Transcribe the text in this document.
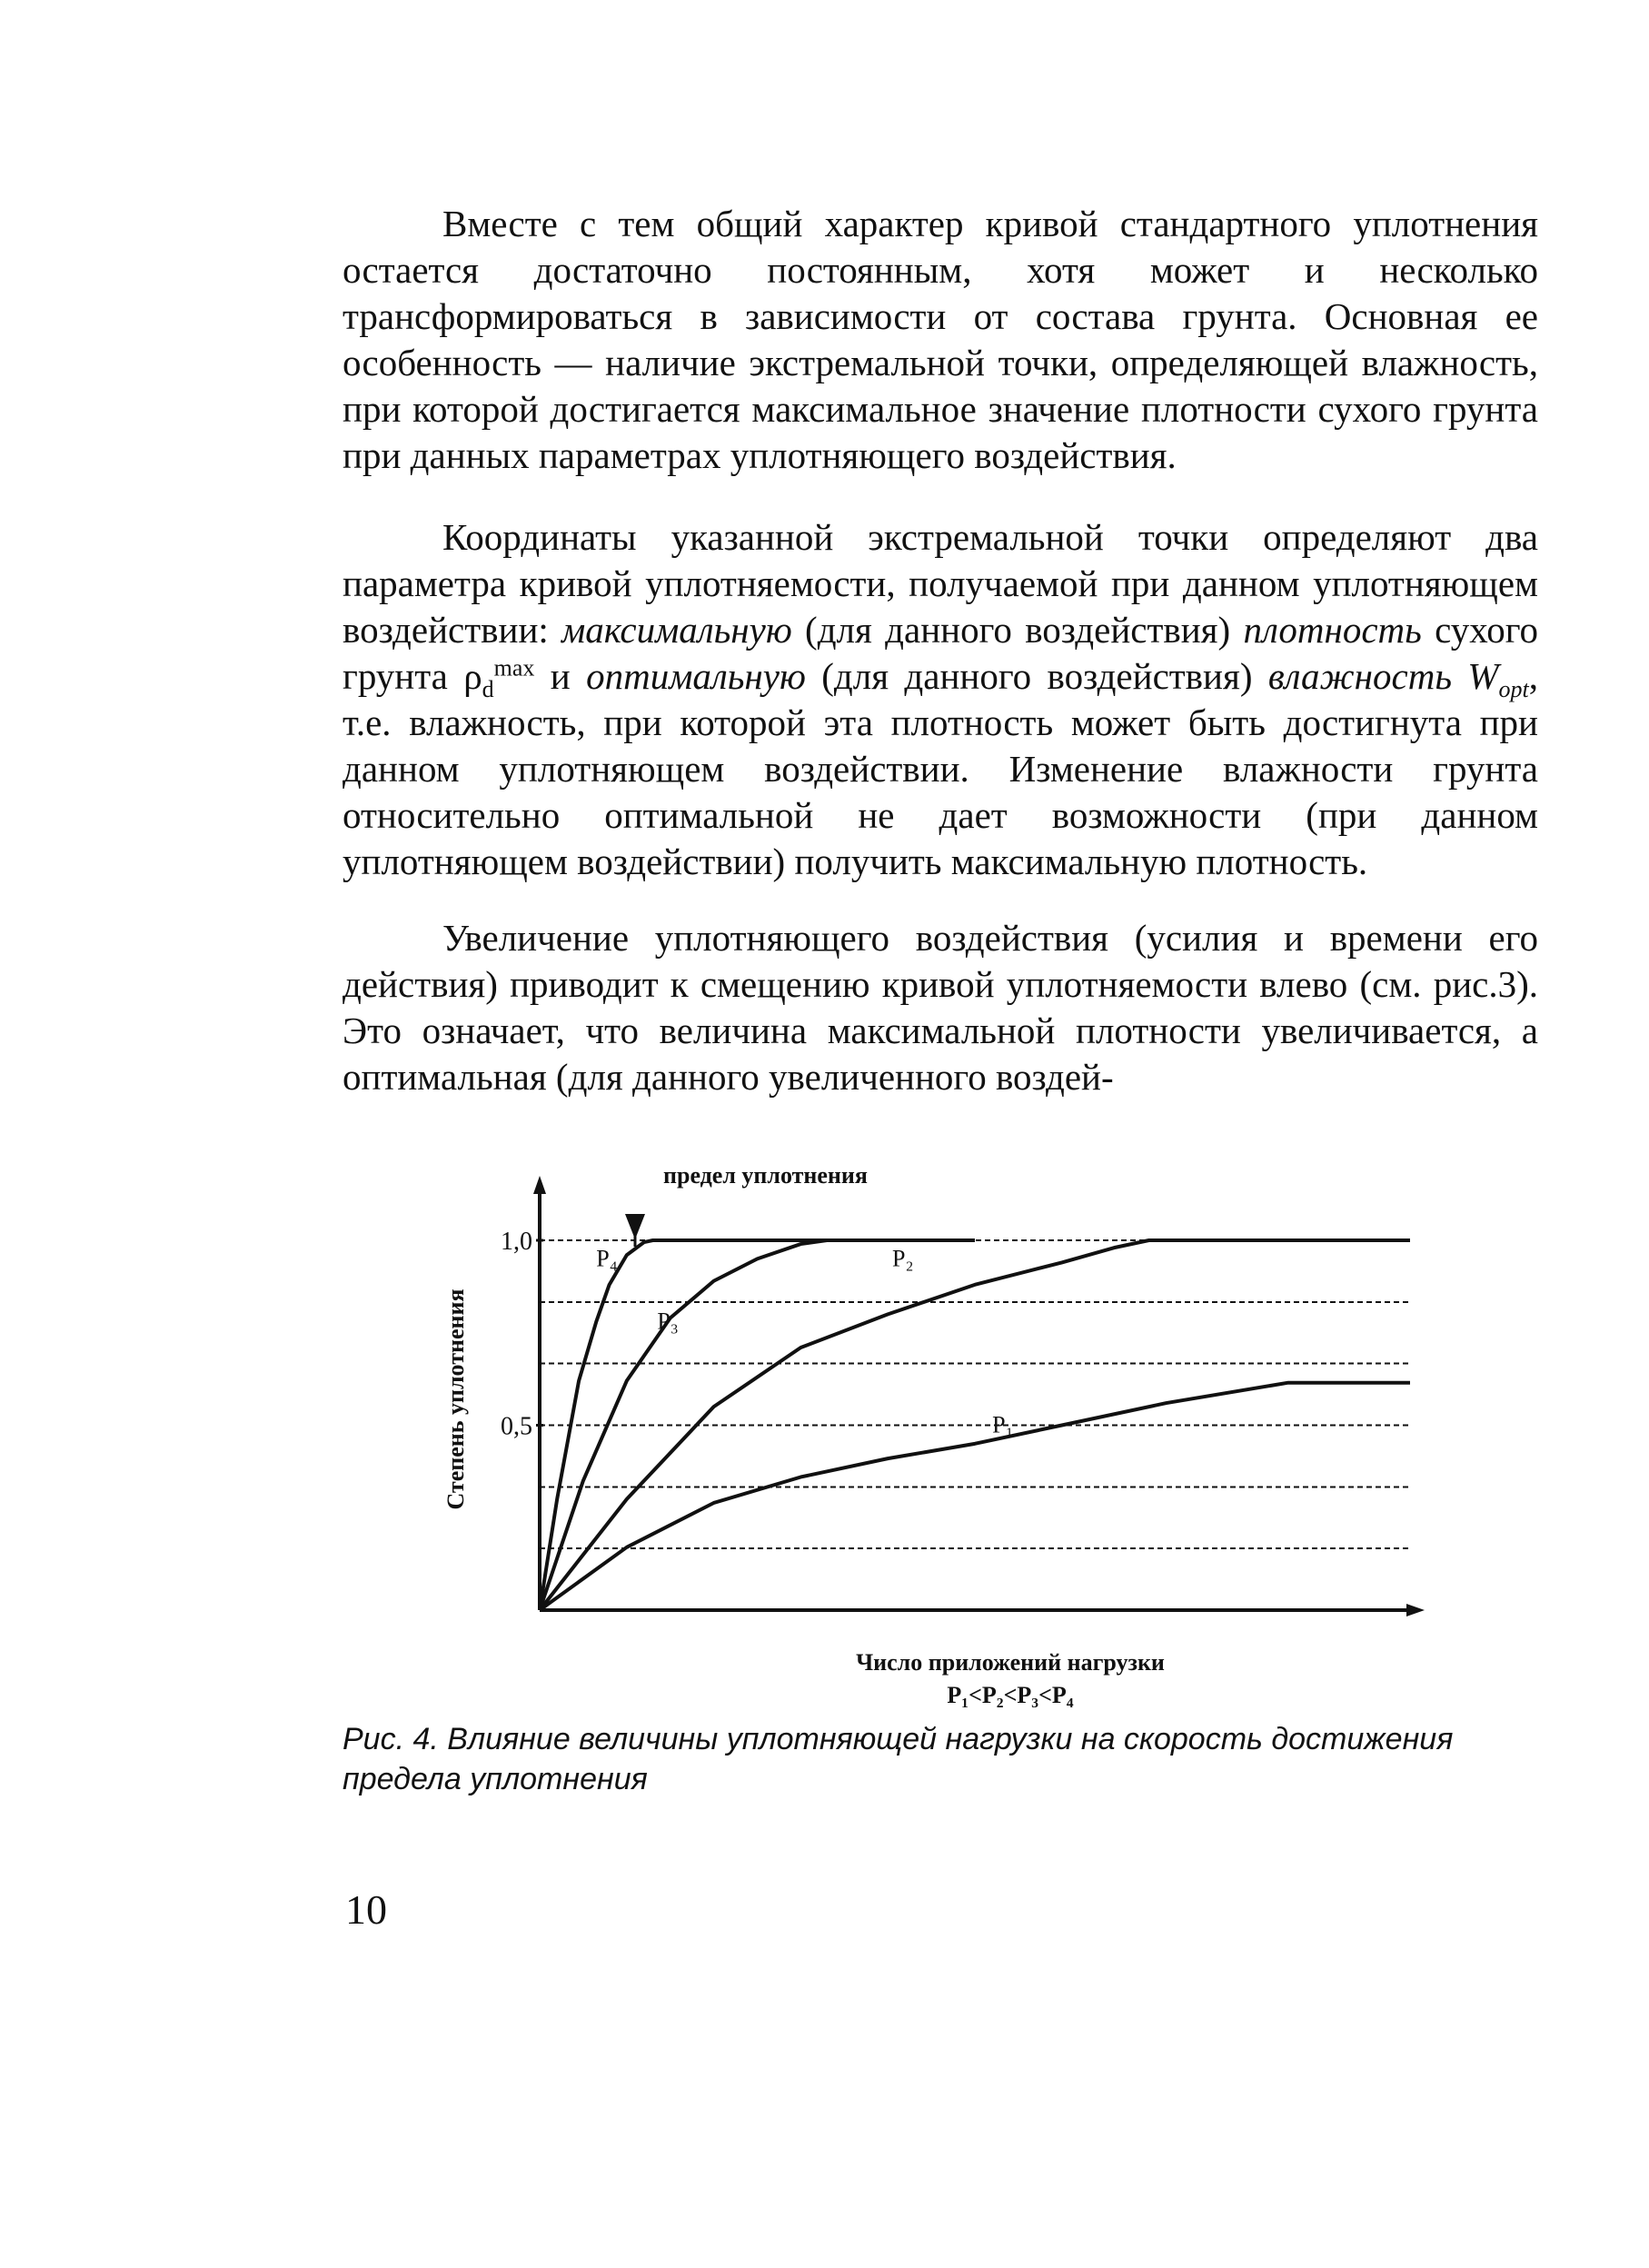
Вместе с тем общий характер кривой стандартного уплотнения остается достаточно постоянным, хотя может и несколько трансформироваться в зависимости от состава грунта. Основная ее особенность — наличие экстремальной точки, определяющей влажность, при которой достигается максимальное значение плотности сухого грунта при данных параметрах уплотняющего воздействия.

Координаты указанной экстремальной точки определяют два параметра кривой уплотняемости, получаемой при данном уплотняющем воздействии: максимальную (для данного воздействия) плотность сухого грунта $\rho_d^{max}$ и оптимальную (для данного воздействия) влажность $W_{opt}$, т.е. влажность, при которой эта плотность может быть достигнута при данном уплотняющем воздействии. Изменение влажности грунта относительно оптимальной не дает возможности (при данном уплотняющем воздействии) получить максимальную плотность.

Увеличение уплотняющего воздействия (усилия и времени его действия) приводит к смещению кривой уплотняемости влево (см. рис.3). Это означает, что величина максимальной плотности увеличивается, а оптимальная (для данного увеличенного воздей-

P₄
P₃
P₂
P₁
1,0
0,5
предел уплотнения
Степень уплотнения
Число приложений нагрузки
P₁<P₂<P₃<P₄

Рис. 4. Влияние величины уплотняющей нагрузки на скорость достижения предела уплотнения

10
